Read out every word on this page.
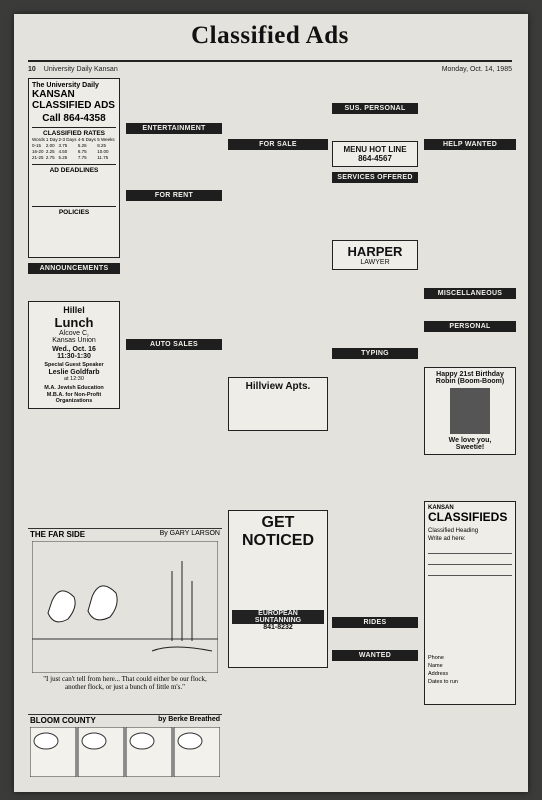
10 University Daily Kansan
Classified Ads
Monday, Oct. 14, 1985
The University Daily
KANSAN CLASSIFIED ADS
Call 864-4358
CLASSIFIED RATES
Words	1 Day	2-3 Days	4-5 Days	5 Weeks
0-15	2.00	3.75	5.25	8.25
16-20	2.25	4.50	6.75	10.00
21-25	2.75	5.25	7.75	11.75
AD DEADLINES
POLICIES
ANNOUNCEMENTS
Hillel
Lunch
Alcove C,
Kansas Union
Wed., Oct. 16
11:30-1:30
Special Guest Speaker
Leslie Goldfarb
at 12:30
M.A. Jewish Education
M.B.A. for Non-Profit Organizations
ENTERTAINMENT
FOR RENT
AUTO SALES
THE FAR SIDE	By GARY LARSON
"I just can't tell from here... That could either be our flock, another flock, or just a bunch of little m's."
BLOOM COUNTY	by Berke Breathed
FOR SALE
Hillview Apts.
GET
NOTICED
EUROPEAN
SUNTANNING
841-8232
SUS. PERSONAL
MENU HOT LINE
864-4567
SERVICES OFFERED
HARPER
LAWYER
TYPING
RIDES
WANTED
HELP WANTED
MISCELLANEOUS
PERSONAL
Happy 21st Birthday
Robin (Boom-Boom)
We love you,
Sweetie!
KANSAN
CLASSIFIEDS
Classified Heading
Write ad here:
Phone
Name
Address
Dates to run
